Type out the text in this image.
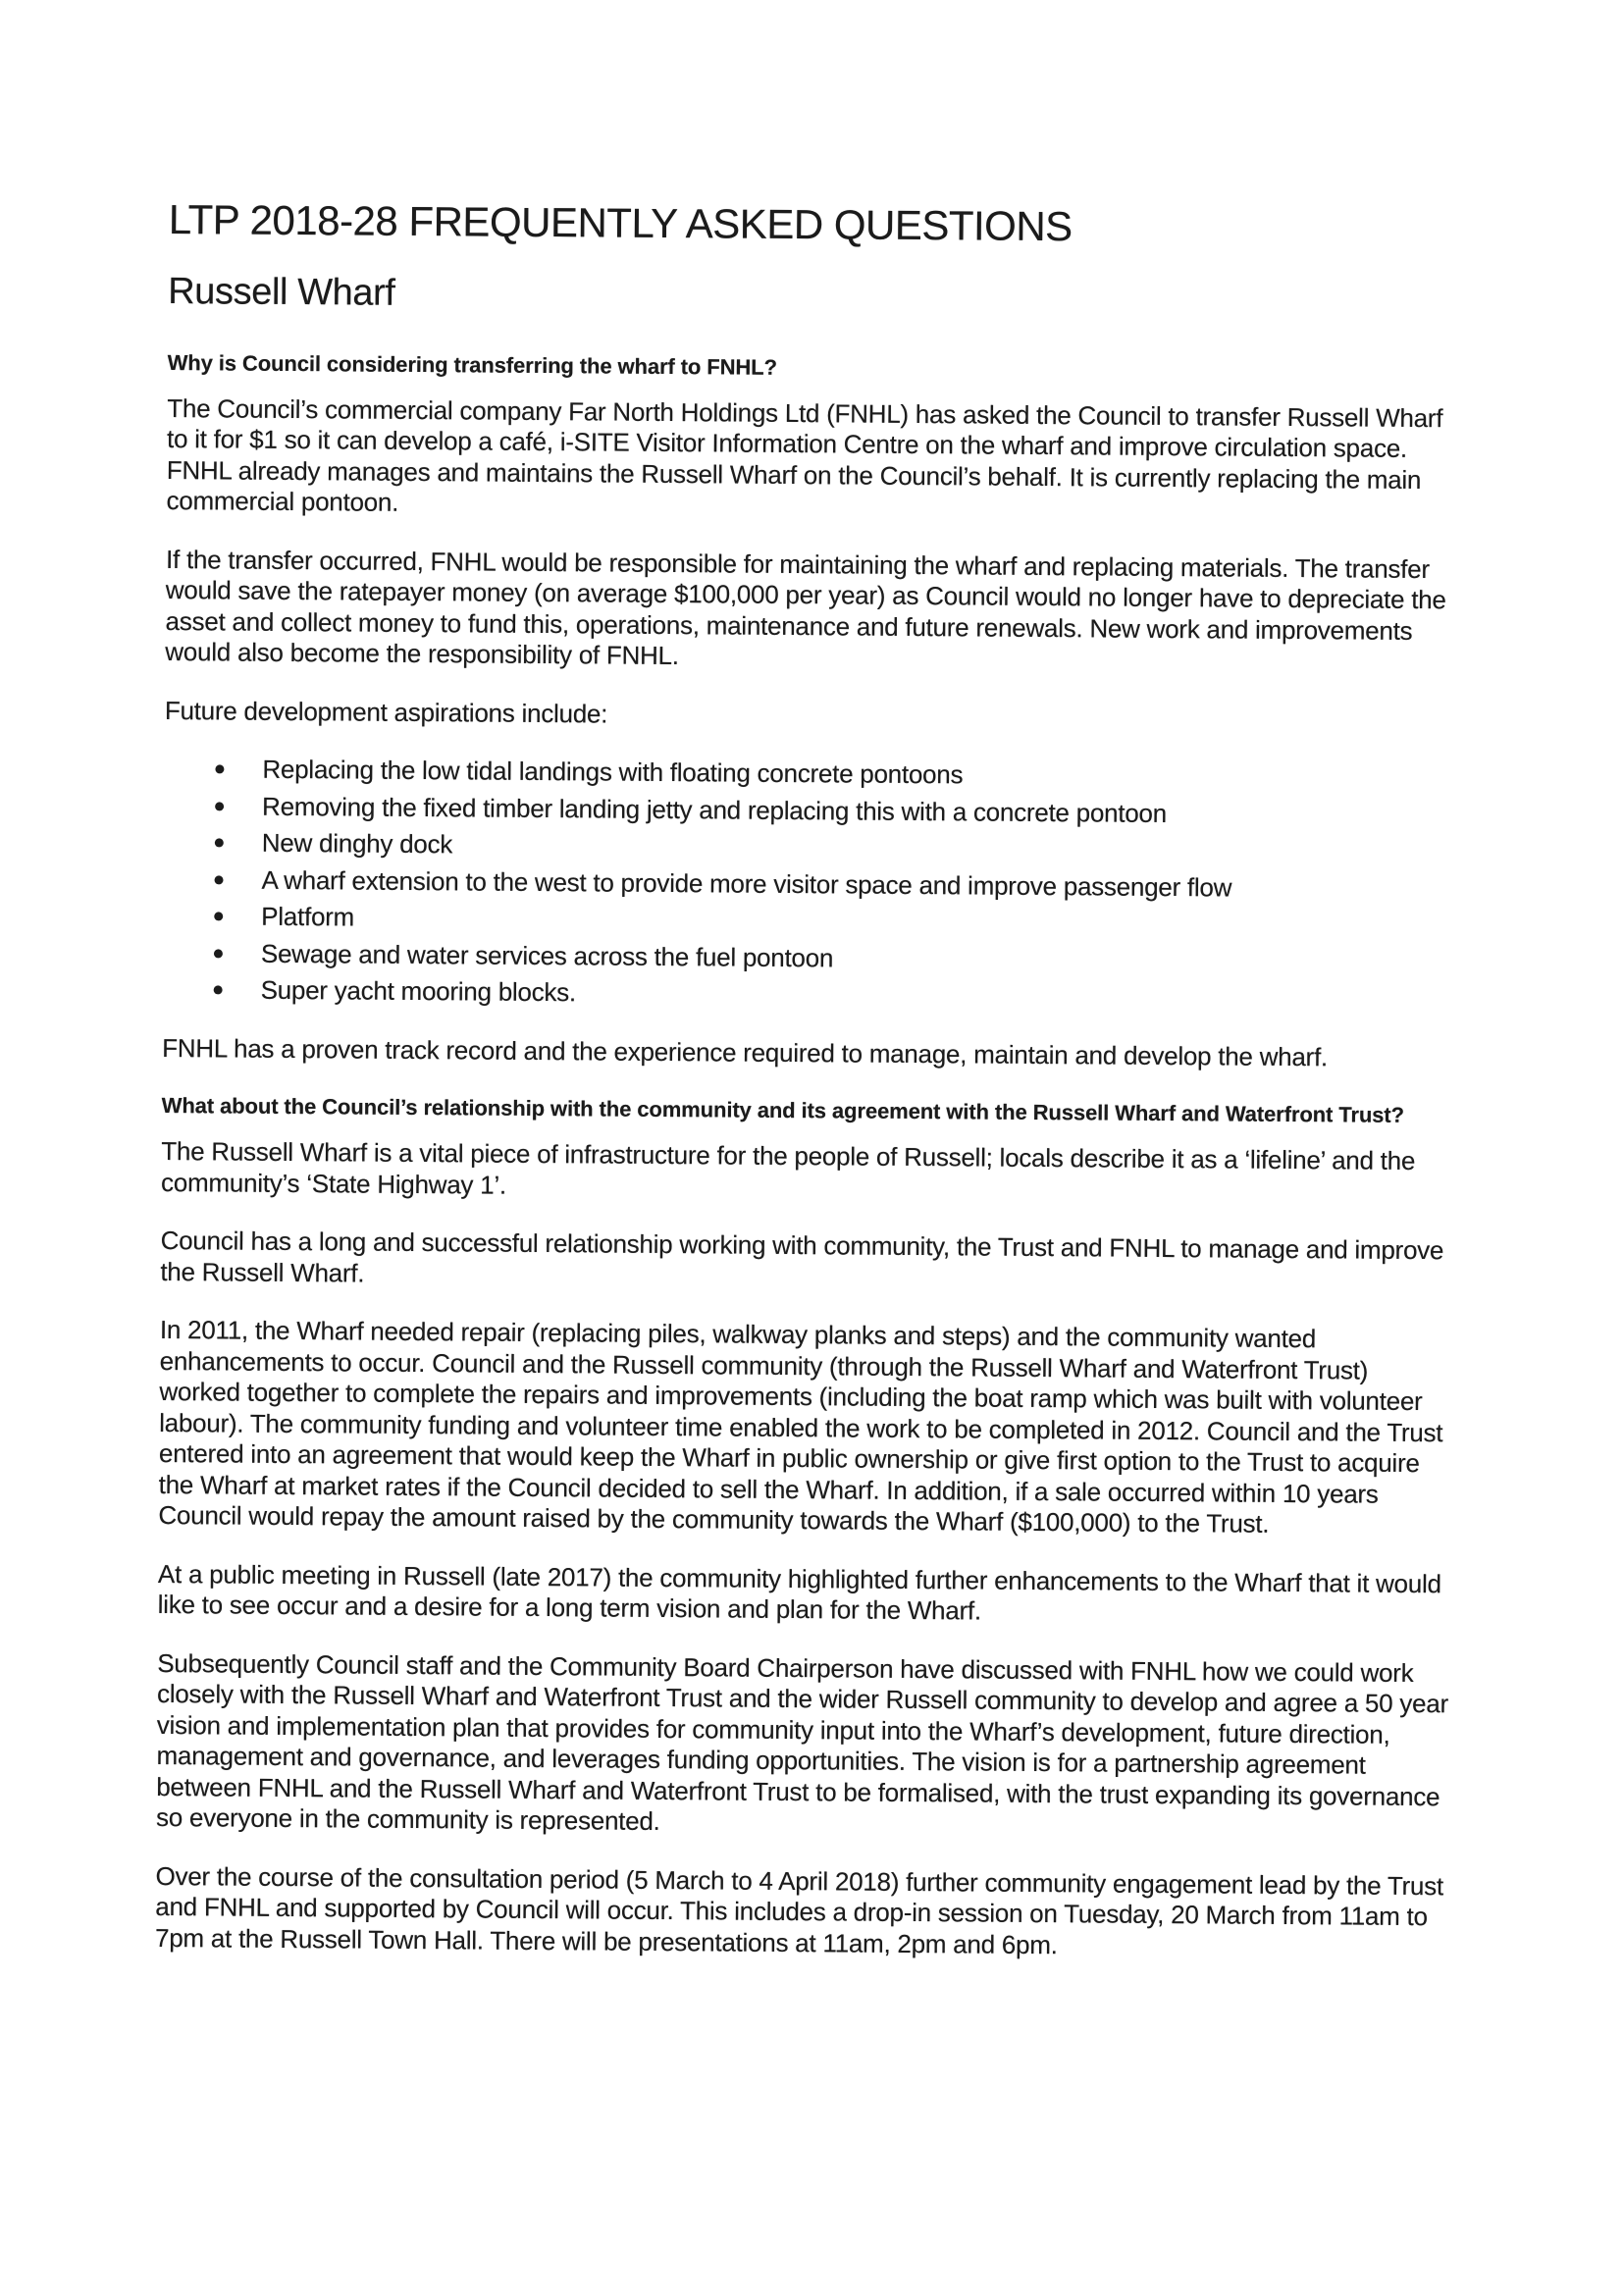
LTP 2018-28 FREQUENTLY ASKED QUESTIONS
Russell Wharf
Why is Council considering transferring the wharf to FNHL?

The Council’s commercial company Far North Holdings Ltd (FNHL) has asked the Council to transfer Russell Wharf to it for $1 so it can develop a café, i-SITE Visitor Information Centre on the wharf and improve circulation space. FNHL already manages and maintains the Russell Wharf on the Council’s behalf. It is currently replacing the main commercial pontoon.

If the transfer occurred, FNHL would be responsible for maintaining the wharf and replacing materials. The transfer would save the ratepayer money (on average $100,000 per year) as Council would no longer have to depreciate the asset and collect money to fund this, operations, maintenance and future renewals. New work and improvements would also become the responsibility of FNHL.

Future development aspirations include:

Replacing the low tidal landings with floating concrete pontoons
Removing the fixed timber landing jetty and replacing this with a concrete pontoon
New dinghy dock
A wharf extension to the west to provide more visitor space and improve passenger flow
Platform
Sewage and water services across the fuel pontoon
Super yacht mooring blocks.

FNHL has a proven track record and the experience required to manage, maintain and develop the wharf.

What about the Council’s relationship with the community and its agreement with the Russell Wharf and Waterfront Trust?

The Russell Wharf is a vital piece of infrastructure for the people of Russell; locals describe it as a ‘lifeline’ and the community’s ‘State Highway 1’.

Council has a long and successful relationship working with community, the Trust and FNHL to manage and improve the Russell Wharf.

In 2011, the Wharf needed repair (replacing piles, walkway planks and steps) and the community wanted enhancements to occur. Council and the Russell community (through the Russell Wharf and Waterfront Trust) worked together to complete the repairs and improvements (including the boat ramp which was built with volunteer labour). The community funding and volunteer time enabled the work to be completed in 2012. Council and the Trust entered into an agreement that would keep the Wharf in public ownership or give first option to the Trust to acquire the Wharf at market rates if the Council decided to sell the Wharf. In addition, if a sale occurred within 10 years Council would repay the amount raised by the community towards the Wharf ($100,000) to the Trust.

At a public meeting in Russell (late 2017) the community highlighted further enhancements to the Wharf that it would like to see occur and a desire for a long term vision and plan for the Wharf.

Subsequently Council staff and the Community Board Chairperson have discussed with FNHL how we could work closely with the Russell Wharf and Waterfront Trust and the wider Russell community to develop and agree a 50 year vision and implementation plan that provides for community input into the Wharf’s development, future direction, management and governance, and leverages funding opportunities. The vision is for a partnership agreement between FNHL and the Russell Wharf and Waterfront Trust to be formalised, with the trust expanding its governance so everyone in the community is represented.

Over the course of the consultation period (5 March to 4 April 2018) further community engagement lead by the Trust and FNHL and supported by Council will occur. This includes a drop-in session on Tuesday, 20 March from 11am to 7pm at the Russell Town Hall. There will be presentations at 11am, 2pm and 6pm.
